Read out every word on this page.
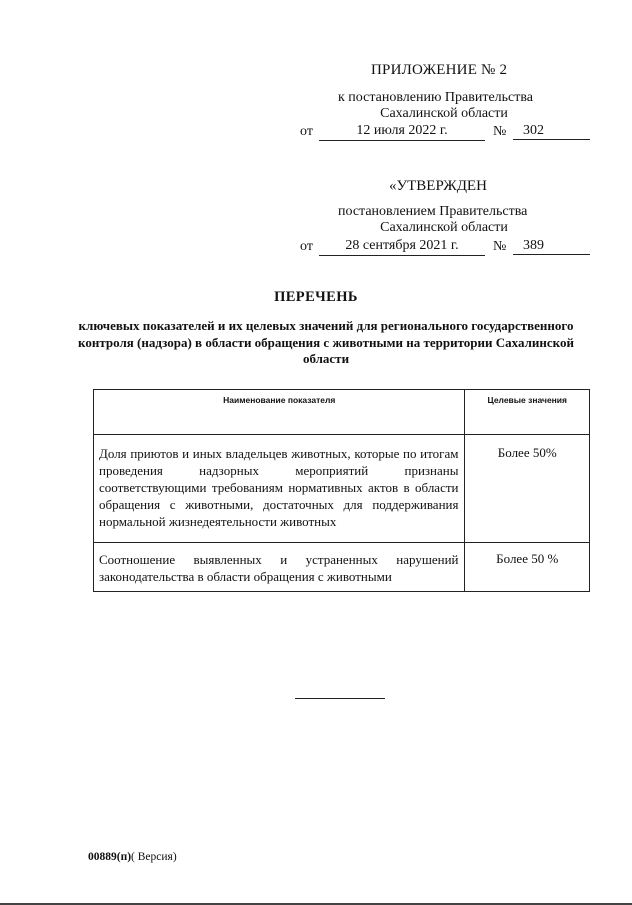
ПРИЛОЖЕНИЕ № 2
к постановлению Правительства
Сахалинской области
от	12 июля 2022 г.	№	302
«УТВЕРЖДЕН
постановлением Правительства
Сахалинской области
от	28 сентября 2021 г.	№	389
ПЕРЕЧЕНЬ
ключевых показателей и их целевых значений для регионального государственного контроля (надзора) в области обращения с животными на территории Сахалинской области
Наименование показателя	Целевые значения
Доля приютов и иных владельцев животных, которые по итогам проведения надзорных мероприятий признаны соответствующими требованиям нормативных актов в области обращения с животными, достаточных для поддерживания нормальной жизнедеятельности животных	Более 50%
Соотношение выявленных и устраненных нарушений законодательства в области обращения с животными	Более 50 %
00889(п)( Версия)
